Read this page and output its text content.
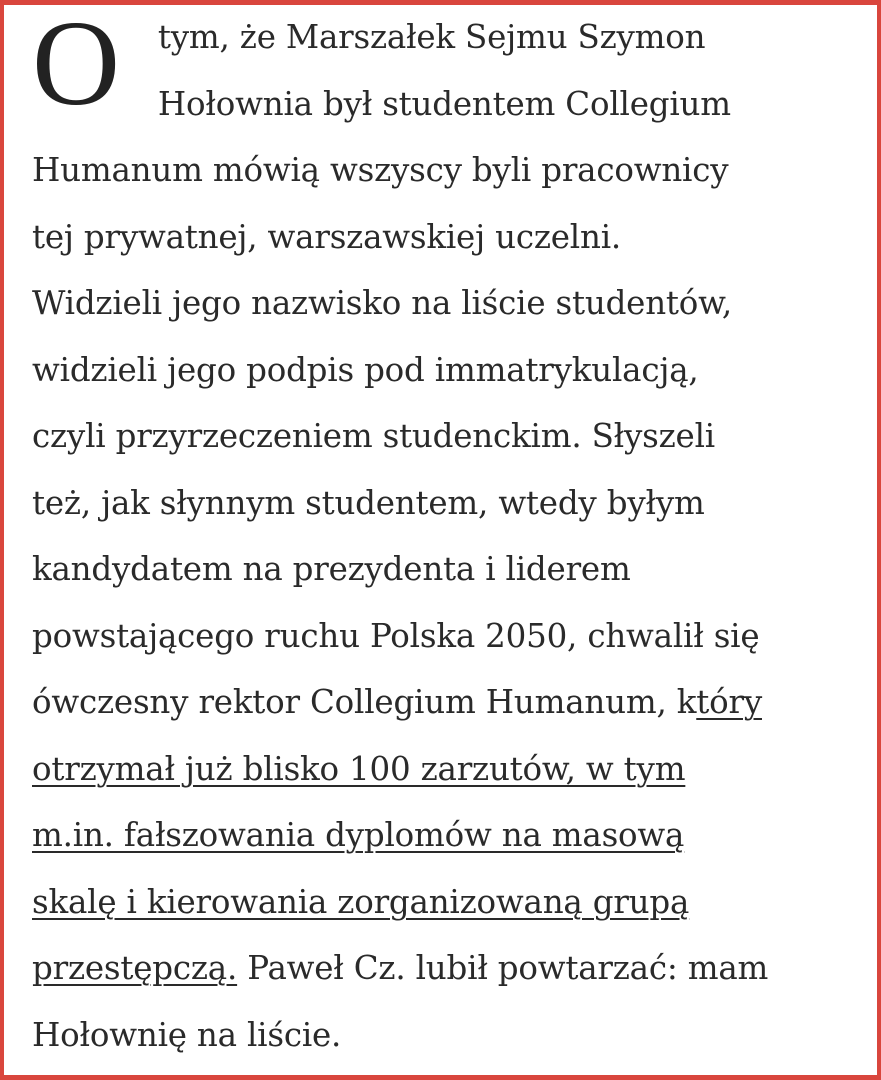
O	tym, że Marszałek Sejmu Szymon
Hołownia był studentem Collegium
Humanum mówią wszyscy byli pracownicy
tej prywatnej, warszawskiej uczelni.
Widzieli jego nazwisko na liście studentów,
widzieli jego podpis pod immatrykulacją,
czyli przyrzeczeniem studenckim. Słyszeli
też, jak słynnym studentem, wtedy byłym
kandydatem na prezydenta i liderem
powstającego ruchu Polska 2050, chwalił się
ówczesny rektor Collegium Humanum, który
otrzymał już blisko 100 zarzutów, w tym
m.in. fałszowania dyplomów na masową
skalę i kierowania zorganizowaną grupą
przestępczą. Paweł Cz. lubił powtarzać: mam
Hołownię na liście.
